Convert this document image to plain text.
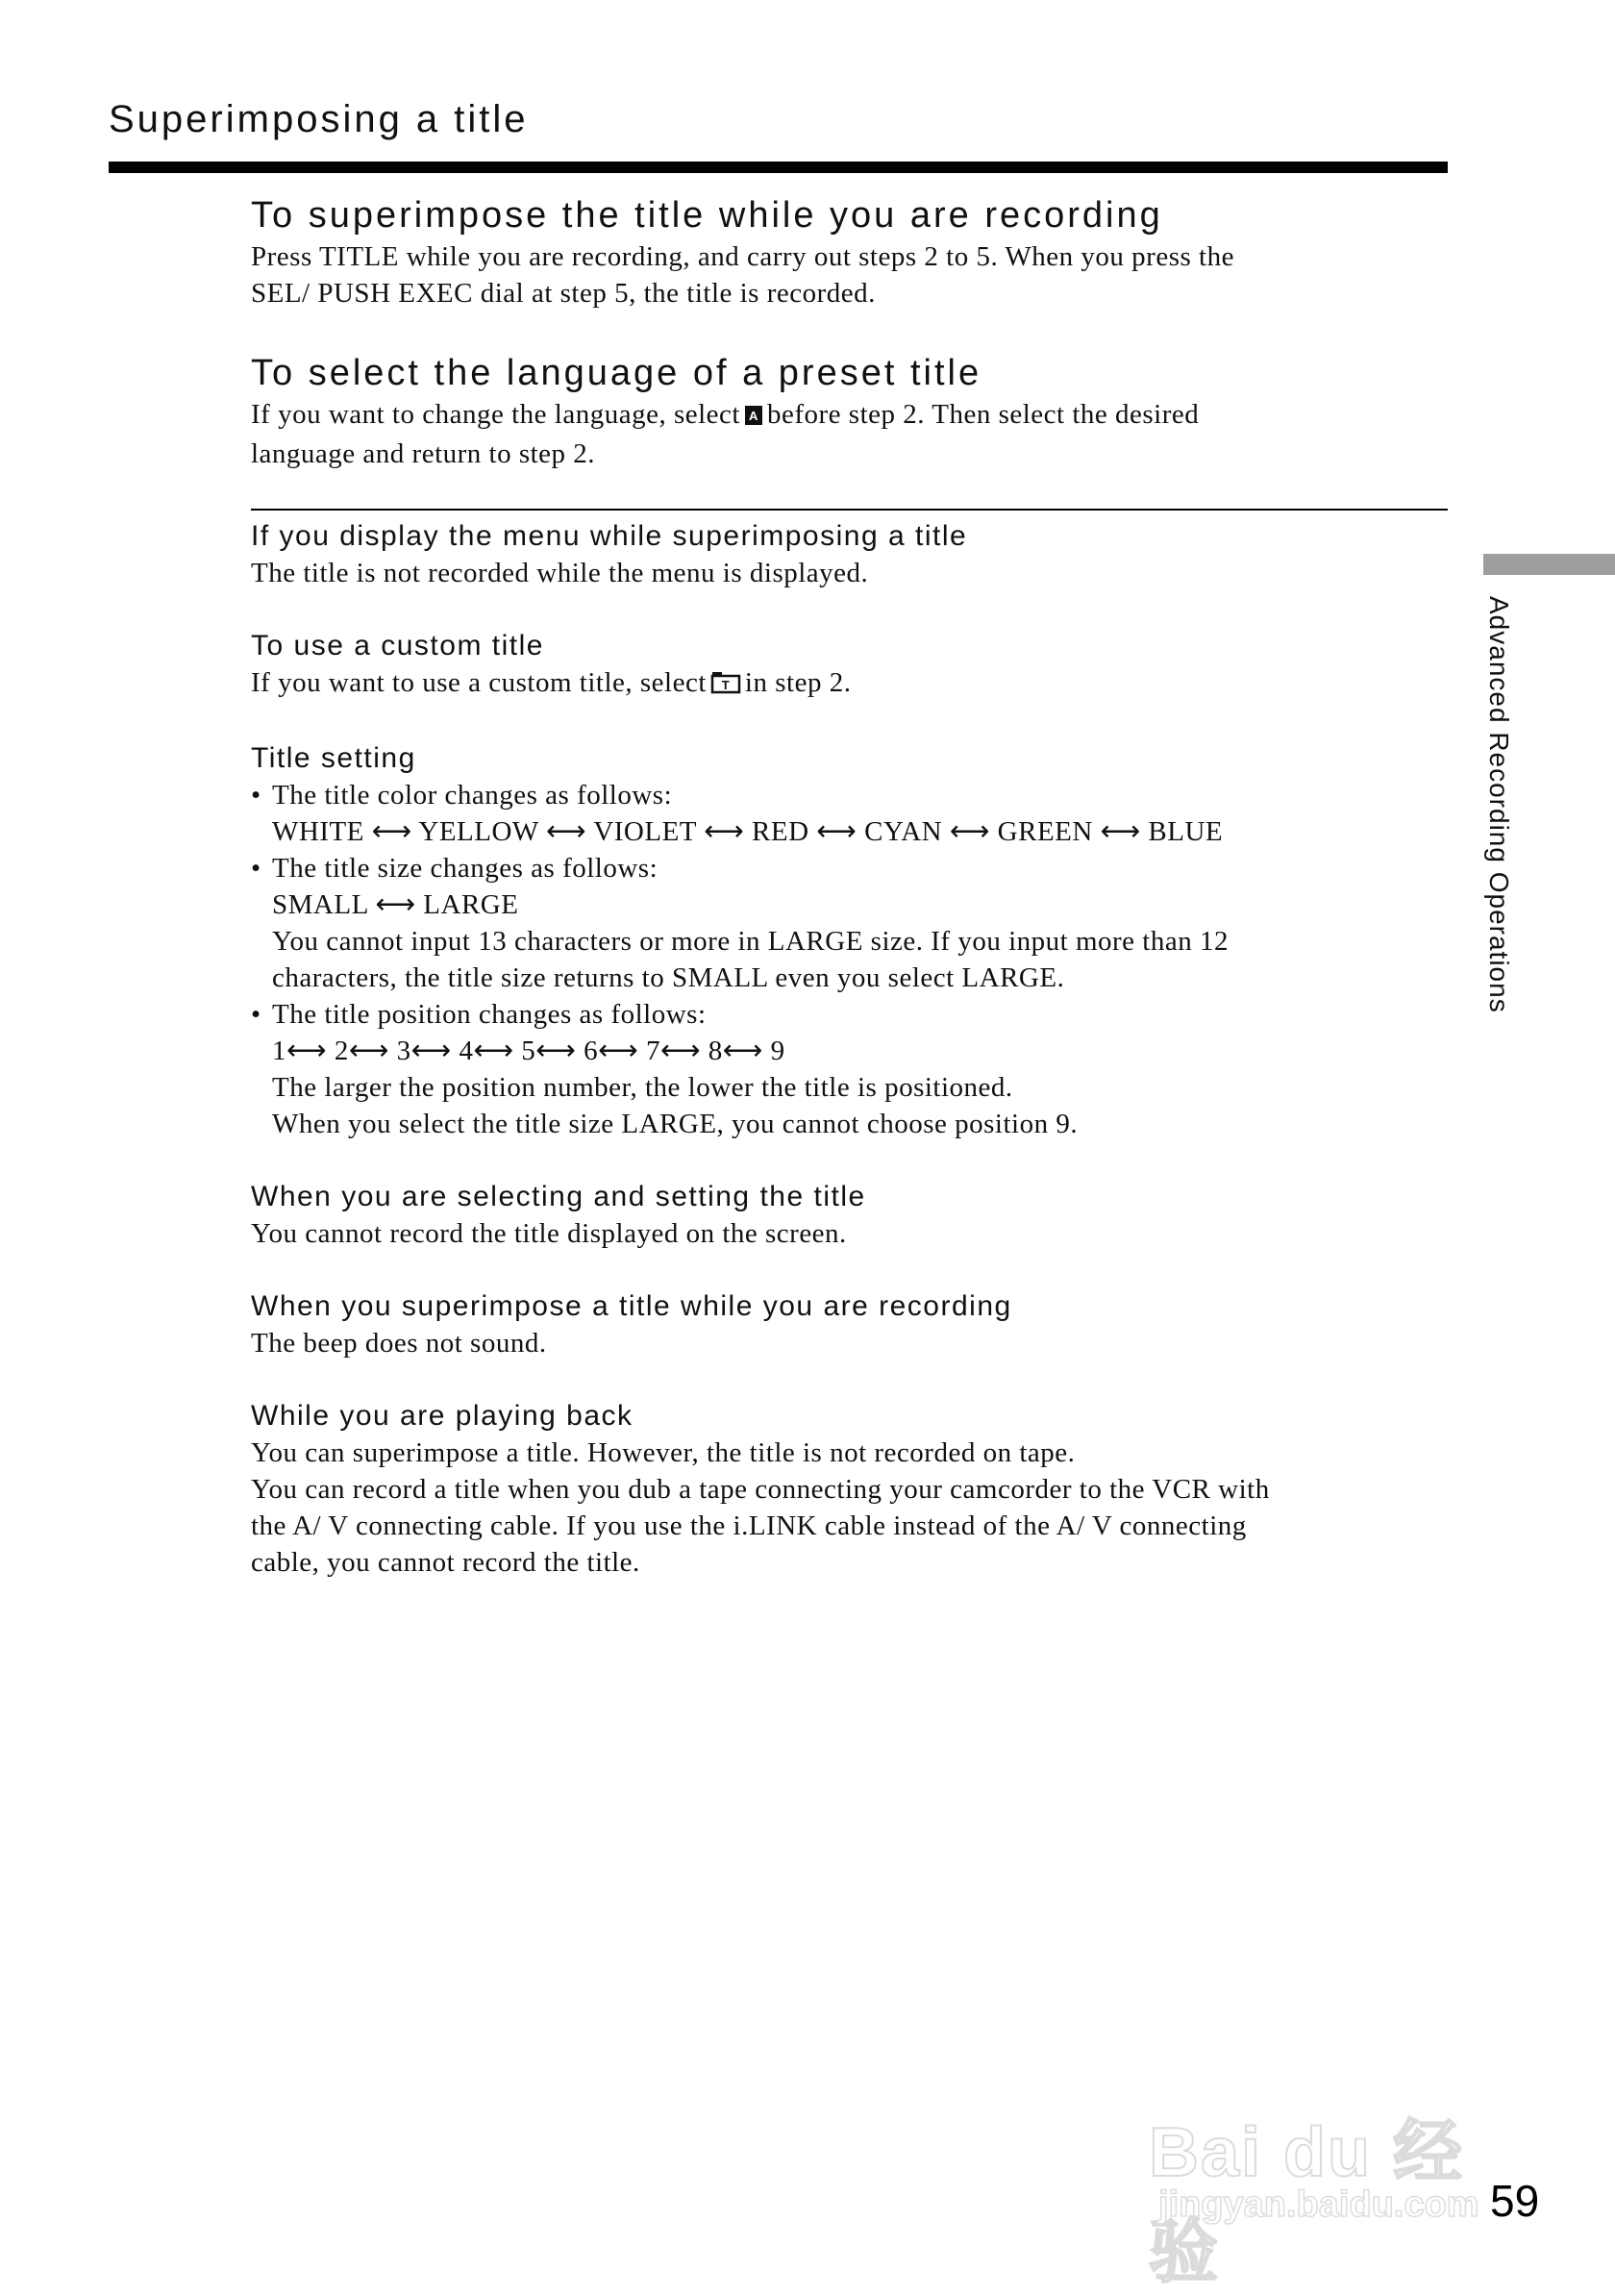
Superimposing a title
To superimpose the title while you are recording

Press TITLE while you are recording, and carry out steps 2 to 5. When you press the

SEL/ PUSH EXEC dial at step 5, the title is recorded.

To select the language of a preset title

If you want to change the language, select A before step 2. Then select the desired

language and return to step 2.

If you display the menu while superimposing a title

The title is not recorded while the menu is displayed.

To use a custom title

If you want to use a custom title, select T in step 2.

Title setting

• The title color changes as follows:

WHITE ⟷ YELLOW ⟷ VIOLET ⟷ RED ⟷ CYAN ⟷ GREEN ⟷ BLUE

• The title size changes as follows:

SMALL ⟷ LARGE

You cannot input 13 characters or more in LARGE size. If you input more than 12

characters, the title size returns to SMALL even you select LARGE.

• The title position changes as follows:

1⟷ 2⟷ 3⟷ 4⟷ 5⟷ 6⟷ 7⟷ 8⟷ 9

The larger the position number, the lower the title is positioned.

When you select the title size LARGE, you cannot choose position 9.

When you are selecting and setting the title

You cannot record the title displayed on the screen.

When you superimpose a title while you are recording

The beep does not sound.

While you are playing back

You can superimpose a title. However, the title is not recorded on tape.

You can record a title when you dub a tape connecting your camcorder to the VCR with

the A/ V connecting cable. If you use the i.LINK cable instead of the A/ V connecting

cable, you cannot record the title.

Advanced Recording Operations
Bai du 经验
jingyan.baidu.com 59
